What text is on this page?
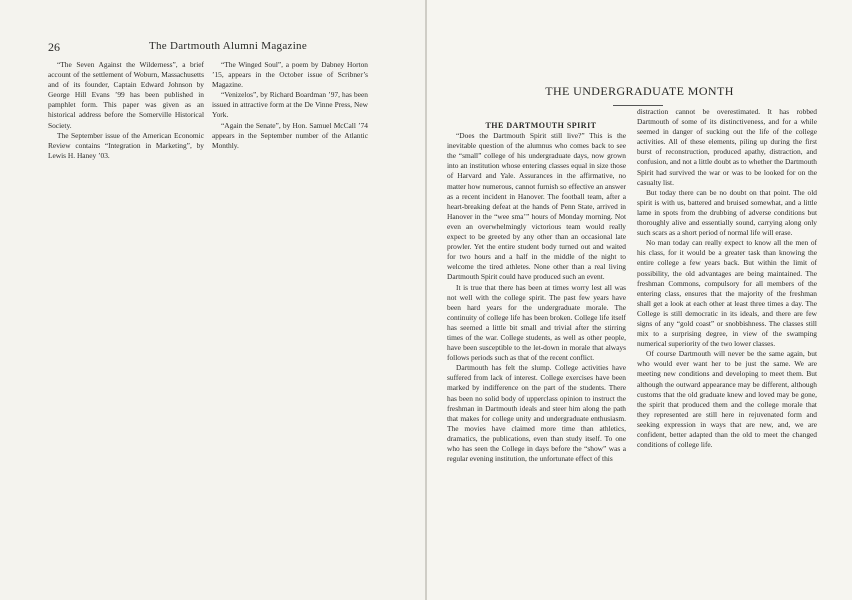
26	The Dartmouth Alumni Magazine

“The Seven Against the Wilderness”, a brief account of the settlement of Woburn, Massachusetts and of its founder, Captain Edward Johnson by George Hill Evans ’99 has been published in pamphlet form. This paper was given as an historical address before the Somerville Historical Society.

The September issue of the American Economic Review contains “Integration in Marketing”, by Lewis H. Haney ’03.

“The Winged Soul”, a poem by Dabney Horton ’15, appears in the October issue of Scribner’s Magazine.

“Venizelos”, by Richard Boardman ’97, has been issued in attractive form at the De Vinne Press, New York.

“Again the Senate”, by Hon. Samuel McCall ’74 appears in the September number of the Atlantic Monthly.

THE UNDERGRADUATE MONTH

THE DARTMOUTH SPIRIT

“Does the Dartmouth Spirit still live?” This is the inevitable question of the alumnus who comes back to see the “small” college of his undergraduate days, now grown into an institution whose entering classes equal in size those of Harvard and Yale. Assurances in the affirmative, no matter how numerous, cannot furnish so effective an answer as a recent incident in Hanover. The football team, after a heart-breaking defeat at the hands of Penn State, arrived in Hanover in the “wee sma’” hours of Monday morning. Not even an overwhelmingly victorious team would really expect to be greeted by any other than an occasional late prowler. Yet the entire student body turned out and waited for two hours and a half in the middle of the night to welcome the tired athletes. None other than a real living Dartmouth Spirit could have produced such an event.

It is true that there has been at times worry lest all was not well with the college spirit. The past few years have been hard years for the undergraduate morale. The continuity of college life has been broken. College life itself has seemed a little bit small and trivial after the stirring times of the war. College students, as well as other people, have been susceptible to the let-down in morale that always follows periods such as that of the recent conflict.

Dartmouth has felt the slump. College activities have suffered from lack of interest. College exercises have been marked by indifference on the part of the students. There has been no solid body of upperclass opinion to instruct the freshman in Dartmouth ideals and steer him along the path that makes for college unity and undergraduate enthusiasm. The movies have claimed more time than athletics, dramatics, the publications, even than study itself. To one who has seen the College in days before the “show” was a regular evening institution, the unfortunate effect of this

distraction cannot be overestimated. It has robbed Dartmouth of some of its distinctiveness, and for a while seemed in danger of sucking out the life of the college activities. All of these elements, piling up during the first burst of reconstruction, produced apathy, distraction, and confusion, and not a little doubt as to whether the Dartmouth Spirit had survived the war or was to be looked for on the casualty list.

But today there can be no doubt on that point. The old spirit is with us, battered and bruised somewhat, and a little lame in spots from the drubbing of adverse conditions but thoroughly alive and essentially sound, carrying along only such scars as a short period of normal life will erase.

No man today can really expect to know all the men of his class, for it would be a greater task than knowing the entire college a few years back. But within the limit of possibility, the old advantages are being maintained. The freshman Commons, compulsory for all members of the entering class, ensures that the majority of the freshman shall get a look at each other at least three times a day. The College is still democratic in its ideals, and there are few signs of any “gold coast” or snobbishness. The classes still mix to a surprising degree, in view of the swamping numerical superiority of the two lower classes.

Of course Dartmouth will never be the same again, but who would ever want her to be just the same. We are meeting new conditions and developing to meet them. But although the outward appearance may be different, although customs that the old graduate knew and loved may be gone, the spirit that produced them and the college morale that they represented are still here in rejuvenated form and seeking expression in ways that are new, and, we are confident, better adapted than the old to meet the changed conditions of college life.
